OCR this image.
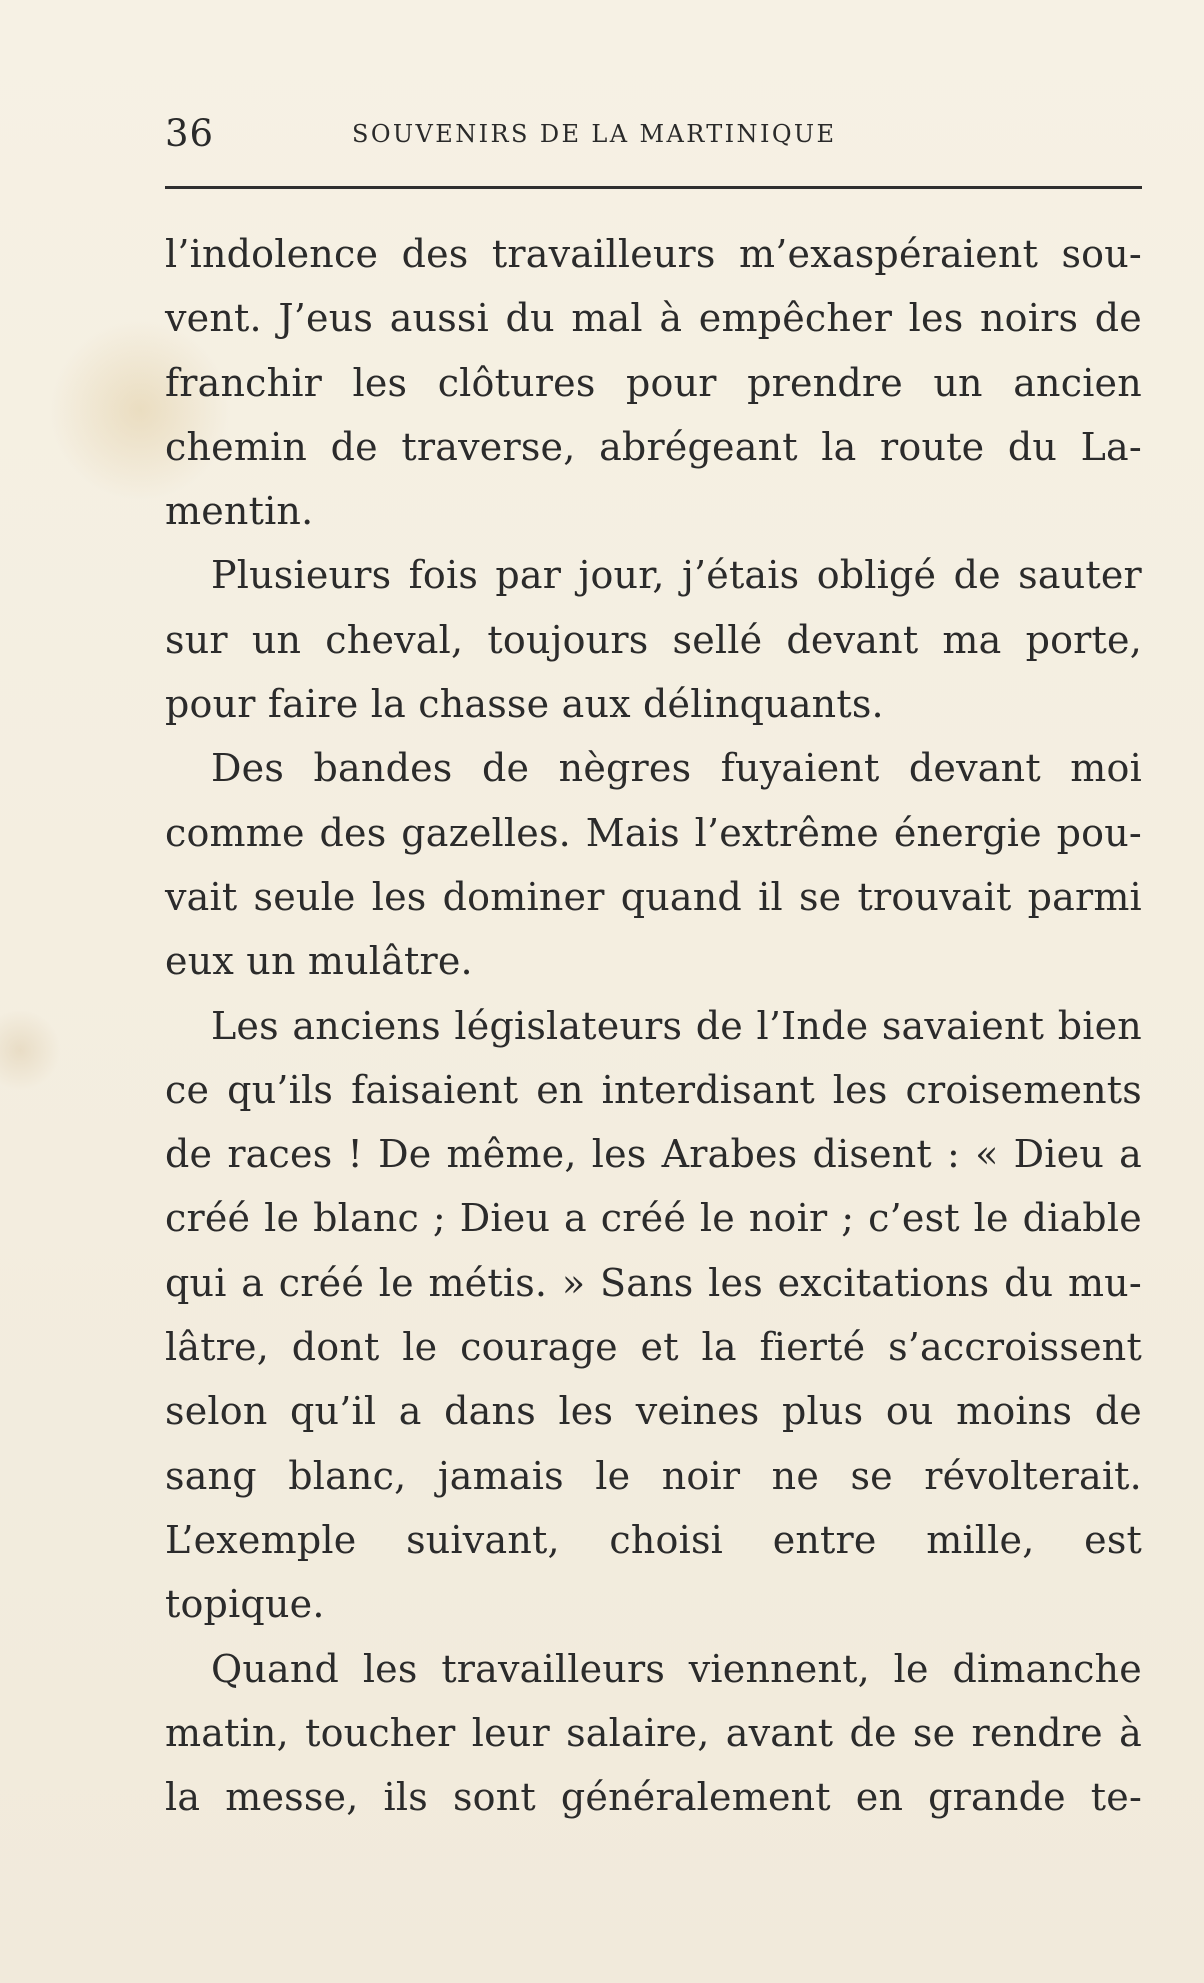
36	SOUVENIRS DE LA MARTINIQUE
l’indolence des travailleurs m’exaspéraient sou-
vent. J’eus aussi du mal à empêcher les noirs de
franchir les clôtures pour prendre un ancien
chemin de traverse, abrégeant la route du La-
mentin.
Plusieurs fois par jour, j’étais obligé de sauter
sur un cheval, toujours sellé devant ma porte,
pour faire la chasse aux délinquants.
Des bandes de nègres fuyaient devant moi
comme des gazelles. Mais l’extrême énergie pou-
vait seule les dominer quand il se trouvait parmi
eux un mulâtre.
Les anciens législateurs de l’Inde savaient bien
ce qu’ils faisaient en interdisant les croisements
de races ! De même, les Arabes disent : « Dieu a
créé le blanc ; Dieu a créé le noir ; c’est le diable
qui a créé le métis. » Sans les excitations du mu-
lâtre, dont le courage et la fierté s’accroissent
selon qu’il a dans les veines plus ou moins de
sang blanc, jamais le noir ne se révolterait.
L’exemple suivant, choisi entre mille, est
topique.
Quand les travailleurs viennent, le dimanche
matin, toucher leur salaire, avant de se rendre à
la messe, ils sont généralement en grande te-
